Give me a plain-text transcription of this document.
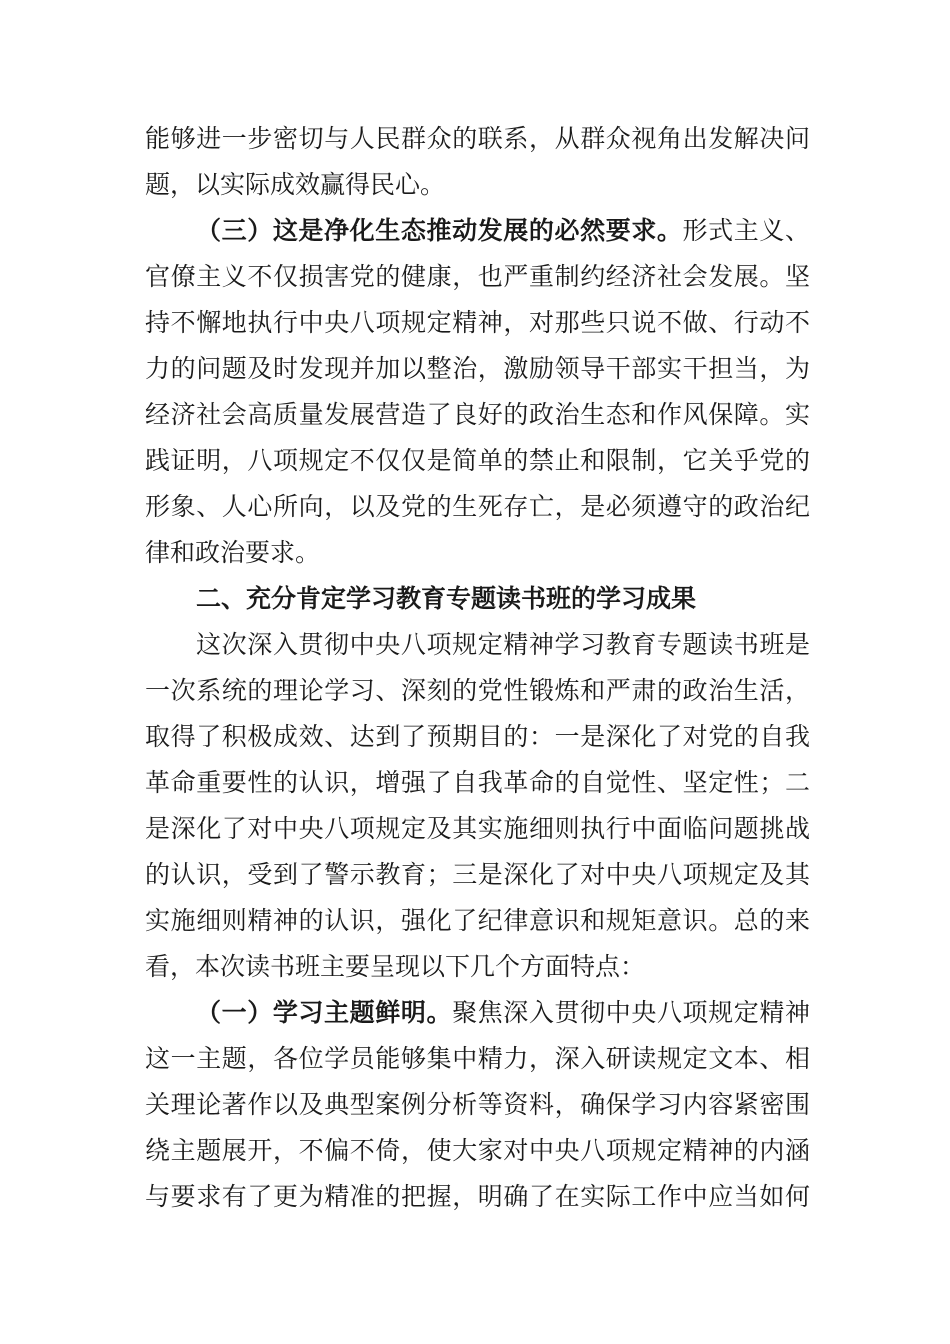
能够进一步密切与人民群众的联系，从群众视角出发解决问
题，以实际成效赢得民心。
（三）这是净化生态推动发展的必然要求。形式主义、
官僚主义不仅损害党的健康，也严重制约经济社会发展。坚
持不懈地执行中央八项规定精神，对那些只说不做、行动不
力的问题及时发现并加以整治，激励领导干部实干担当，为
经济社会高质量发展营造了良好的政治生态和作风保障。实
践证明，八项规定不仅仅是简单的禁止和限制，它关乎党的
形象、人心所向，以及党的生死存亡，是必须遵守的政治纪
律和政治要求。
二、充分肯定学习教育专题读书班的学习成果
这次深入贯彻中央八项规定精神学习教育专题读书班是
一次系统的理论学习、深刻的党性锻炼和严肃的政治生活，
取得了积极成效、达到了预期目的：一是深化了对党的自我
革命重要性的认识，增强了自我革命的自觉性、坚定性；二
是深化了对中央八项规定及其实施细则执行中面临问题挑战
的认识，受到了警示教育；三是深化了对中央八项规定及其
实施细则精神的认识，强化了纪律意识和规矩意识。总的来
看，本次读书班主要呈现以下几个方面特点：
（一）学习主题鲜明。聚焦深入贯彻中央八项规定精神
这一主题，各位学员能够集中精力，深入研读规定文本、相
关理论著作以及典型案例分析等资料，确保学习内容紧密围
绕主题展开，不偏不倚，使大家对中央八项规定精神的内涵
与要求有了更为精准的把握，明确了在实际工作中应当如何
